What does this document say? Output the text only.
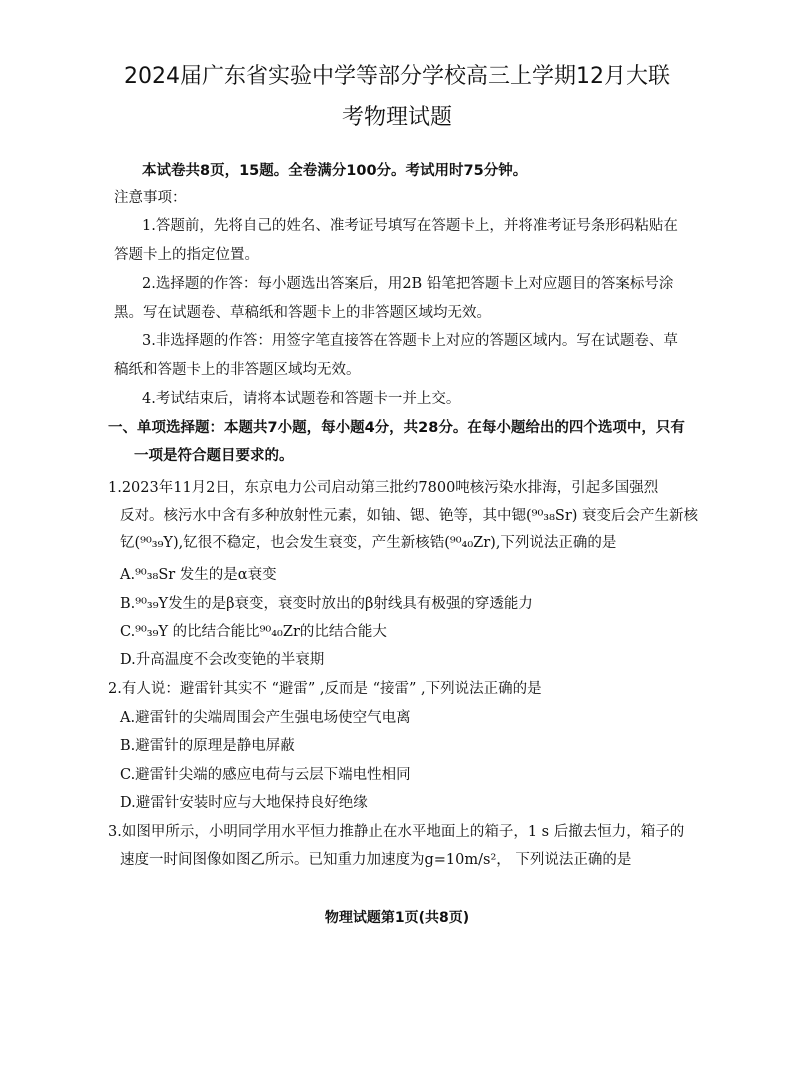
2024届广东省实验中学等部分学校高三上学期12月大联
考物理试题
本试卷共8页，15题。全卷满分100分。考试用时75分钟。
注意事项：
1.答题前，先将自己的姓名、准考证号填写在答题卡上，并将准考证号条形码粘贴在
答题卡上的指定位置。
2.选择题的作答：每小题选出答案后，用2B 铅笔把答题卡上对应题目的答案标号涂
黑。写在试题卷、草稿纸和答题卡上的非答题区域均无效。
3.非选择题的作答：用签字笔直接答在答题卡上对应的答题区域内。写在试题卷、草
稿纸和答题卡上的非答题区域均无效。
4.考试结束后，请将本试题卷和答题卡一并上交。
一、单项选择题：本题共7小题，每小题4分，共28分。在每小题给出的四个选项中，只有
一项是符合题目要求的。
1.2023年11月2日，东京电力公司启动第三批约7800吨核污染水排海，引起多国强烈
反对。核污水中含有多种放射性元素，如铀、锶、铯等，其中锶(⁹⁰₃₈Sr) 衰变后会产生新核
钇(⁹⁰₃₉Y),钇很不稳定，也会发生衰变，产生新核锆(⁹⁰₄₀Zr),下列说法正确的是
A.⁹⁰₃₈Sr 发生的是α衰变
B.⁹⁰₃₉Y发生的是β衰变，衰变时放出的β射线具有极强的穿透能力
C.⁹⁰₃₉Y 的比结合能比⁹⁰₄₀Zr的比结合能大
D.升高温度不会改变铯的半衰期
2.有人说：避雷针其实不 “避雷” ,反而是 “接雷” ,下列说法正确的是
A.避雷针的尖端周围会产生强电场使空气电离
B.避雷针的原理是静电屏蔽
C.避雷针尖端的感应电荷与云层下端电性相同
D.避雷针安装时应与大地保持良好绝缘
3.如图甲所示，小明同学用水平恒力推静止在水平地面上的箱子，1 s 后撤去恒力，箱子的
速度一时间图像如图乙所示。已知重力加速度为g=10m/s²， 下列说法正确的是
物理试题第1页(共8页)
